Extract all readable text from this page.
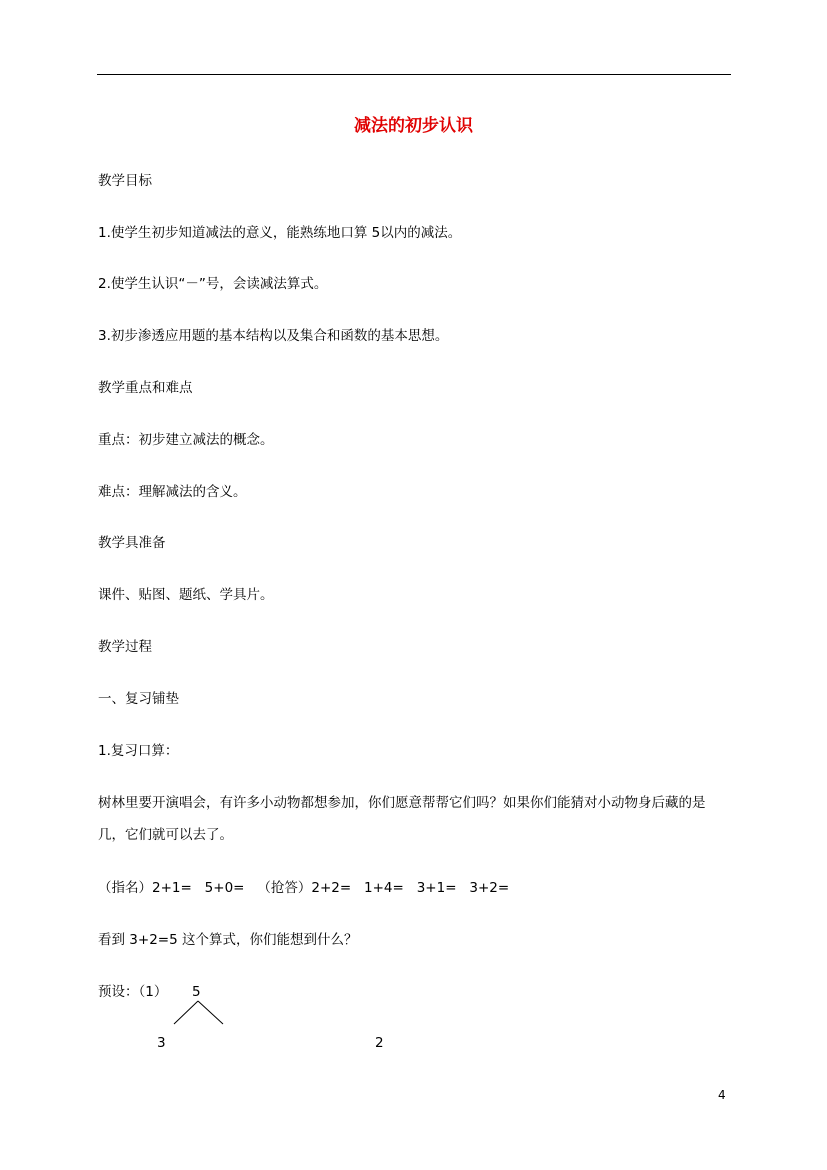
减法的初步认识
教学目标
1.使学生初步知道减法的意义，能熟练地口算 5以内的减法。
2.使学生认识“－”号，会读减法算式。
3.初步渗透应用题的基本结构以及集合和函数的基本思想。
教学重点和难点
重点：初步建立减法的概念。
难点：理解减法的含义。
教学具准备
课件、贴图、题纸、学具片。
教学过程
一、复习铺垫
1.复习口算：
树林里要开演唱会，有许多小动物都想参加，你们愿意帮帮它们吗？如果你们能猜对小动物身后藏的是几，它们就可以去了。
（指名）2+1=   5+0=   （抢答）2+2=   1+4=   3+1=   3+2=
看到 3+2=5 这个算式，你们能想到什么？
预设：（1） 5
3	2
4
